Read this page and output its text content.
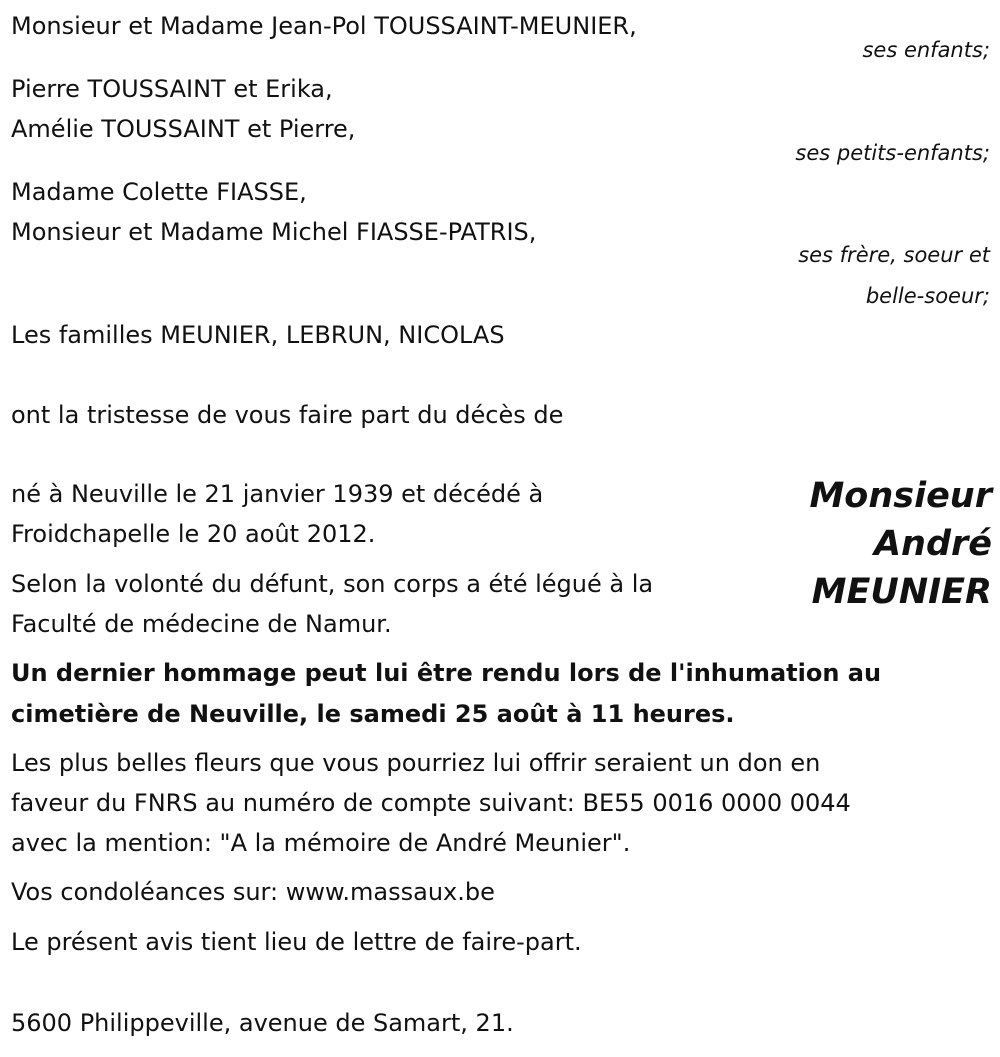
Monsieur et Madame Jean-Pol TOUSSAINT-MEUNIER,
ses enfants;
Pierre TOUSSAINT et Erika,
Amélie TOUSSAINT et Pierre,
ses petits-enfants;
Madame Colette FIASSE,
Monsieur et Madame Michel FIASSE-PATRIS,
ses frère, soeur et
belle-soeur;
Les familles MEUNIER, LEBRUN, NICOLAS
ont la tristesse de vous faire part du décès de
Monsieur
André
MEUNIER
né à Neuville le 21 janvier 1939 et décédé à
Froidchapelle le 20 août 2012.
Selon la volonté du défunt, son corps a été légué à la
Faculté de médecine de Namur.
Un dernier hommage peut lui être rendu lors de l'inhumation au
cimetière de Neuville, le samedi 25 août à 11 heures.
Les plus belles fleurs que vous pourriez lui offrir seraient un don en
faveur du FNRS au numéro de compte suivant: BE55 0016 0000 0044
avec la mention: "A la mémoire de André Meunier".
Vos condoléances sur: www.massaux.be
Le présent avis tient lieu de lettre de faire-part.
5600 Philippeville, avenue de Samart, 21.
